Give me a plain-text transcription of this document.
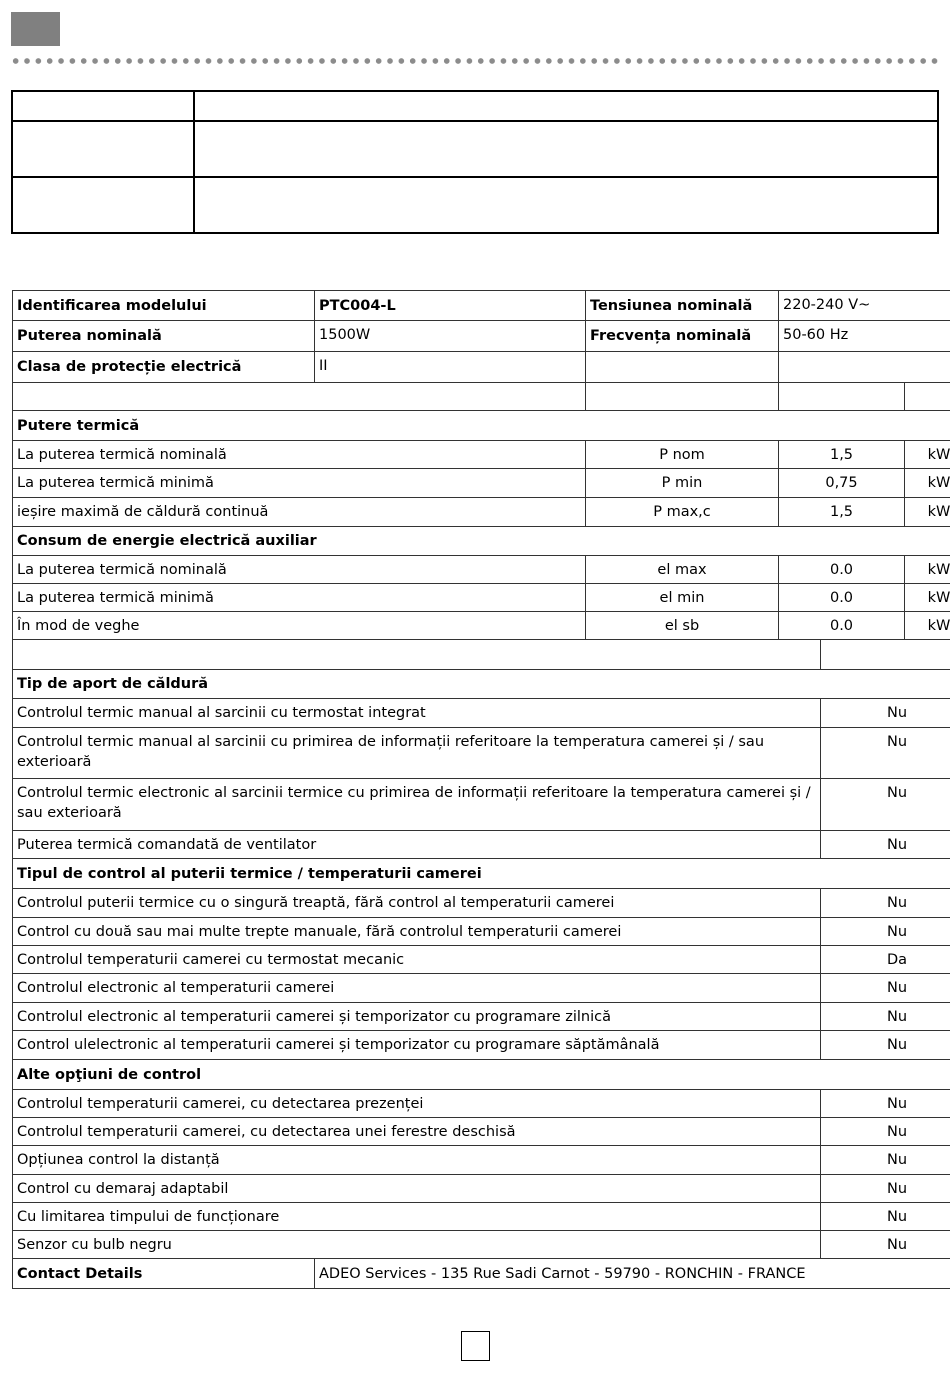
Identificarea modelului	PTC004-L	Tensiunea nominală	220-240 V~		
Puterea nominală	1500W	Frecvența nominală	50-60 Hz		
Clasa de protecție electrică	II				

Putere termică					
La puterea termică nominală		P nom	1,5		kW
La puterea termică minimă		P min	0,75		kW
ieșire maximă de căldură continuă		P max,c	1,5		kW
Consum de energie electrică auxiliar					
La puterea termică nominală		el max	0.0		kW
La puterea termică minimă		el min	0.0		kW
În mod de veghe		el sb	0.0		kW

Tip de aport de căldură					
Controlul termic manual al sarcinii cu termostat integrat				Nu	
Controlul termic manual al sarcinii cu primirea de informații referitoare la temperatura camerei și / sau exterioară				Nu	
Controlul termic electronic al sarcinii termice cu primirea de informații referitoare la temperatura camerei și / sau exterioară				Nu	
Puterea termică comandată de ventilator				Nu	
Tipul de control al puterii termice / temperaturii camerei					
Controlul puterii termice cu o singură treaptă, fără control al temperaturii camerei				Nu	
Control cu două sau mai multe trepte manuale, fără controlul temperaturii camerei				Nu	
Controlul temperaturii camerei cu termostat mecanic				Da	
Controlul electronic al temperaturii camerei				Nu	
Controlul electronic al temperaturii camerei și temporizator cu programare zilnică				Nu	
Control ulelectronic al temperaturii camerei și temporizator cu programare săptămânală				Nu	
Alte opţiuni de control					
Controlul temperaturii camerei, cu detectarea prezenței				Nu	
Controlul temperaturii camerei, cu detectarea unei ferestre deschisă				Nu	
Opțiunea control la distanță				Nu	
Control cu demaraj adaptabil				Nu	
Cu limitarea timpului de funcționare				Nu	
Senzor cu bulb negru				Nu	
Contact Details	ADEO Services - 135 Rue Sadi Carnot - 59790 - RONCHIN - FRANCE				
